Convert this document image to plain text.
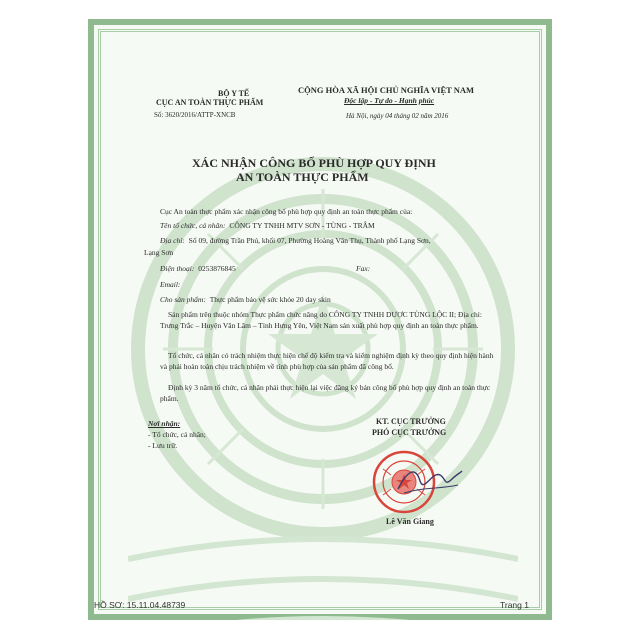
BỘ Y TẾ
CỤC AN TOÀN THỰC PHẨM
Số: 3620/2016/ATTP-XNCB
CỘNG HÒA XÃ HỘI CHỦ NGHĨA VIỆT NAM
Độc lập - Tự do - Hạnh phúc
Hà Nội, ngày 04 tháng 02 năm 2016
XÁC NHẬN CÔNG BỐ PHÙ HỢP QUY ĐỊNH
AN TOÀN THỰC PHẨM
Cục An toàn thực phẩm xác nhận công bố phù hợp quy định an toàn thực phẩm của:
Tên tổ chức, cá nhân: CÔNG TY TNHH MTV SƠN - TÙNG - TRÂM
Địa chỉ: Số 09, đường Trần Phú, khối 07, Phường Hoàng Văn Thụ, Thành phố Lạng Sơn,
Lạng Sơn
Điện thoại: 0253876845	Fax:
Email:
Cho sản phẩm: Thực phẩm bảo vệ sức khỏe 20 day skin
Sản phẩm trên thuộc nhóm Thực phẩm chức năng do CÔNG TY TNHH DƯỢC TÙNG LỘC II; Địa chỉ: Trưng Trắc – Huyện Văn Lâm – Tỉnh Hưng Yên, Việt Nam sản xuất phù hợp quy định an toàn thực phẩm.
Tổ chức, cá nhân có trách nhiệm thực hiện chế độ kiểm tra và kiểm nghiệm định kỳ theo quy định hiện hành và phải hoàn toàn chịu trách nhiệm về tính phù hợp của sản phẩm đã công bố.
Định kỳ 3 năm tổ chức, cá nhân phải thực hiện lại việc đăng ký bản công bố phù hợp quy định an toàn thực phẩm.
Nơi nhận:
- Tổ chức, cá nhân;
- Lưu trữ.
KT. CỤC TRƯỞNG
PHÓ CỤC TRƯỞNG
Lê Văn Giang
HỒ SƠ: 15.11.04.48739	Trang 1
